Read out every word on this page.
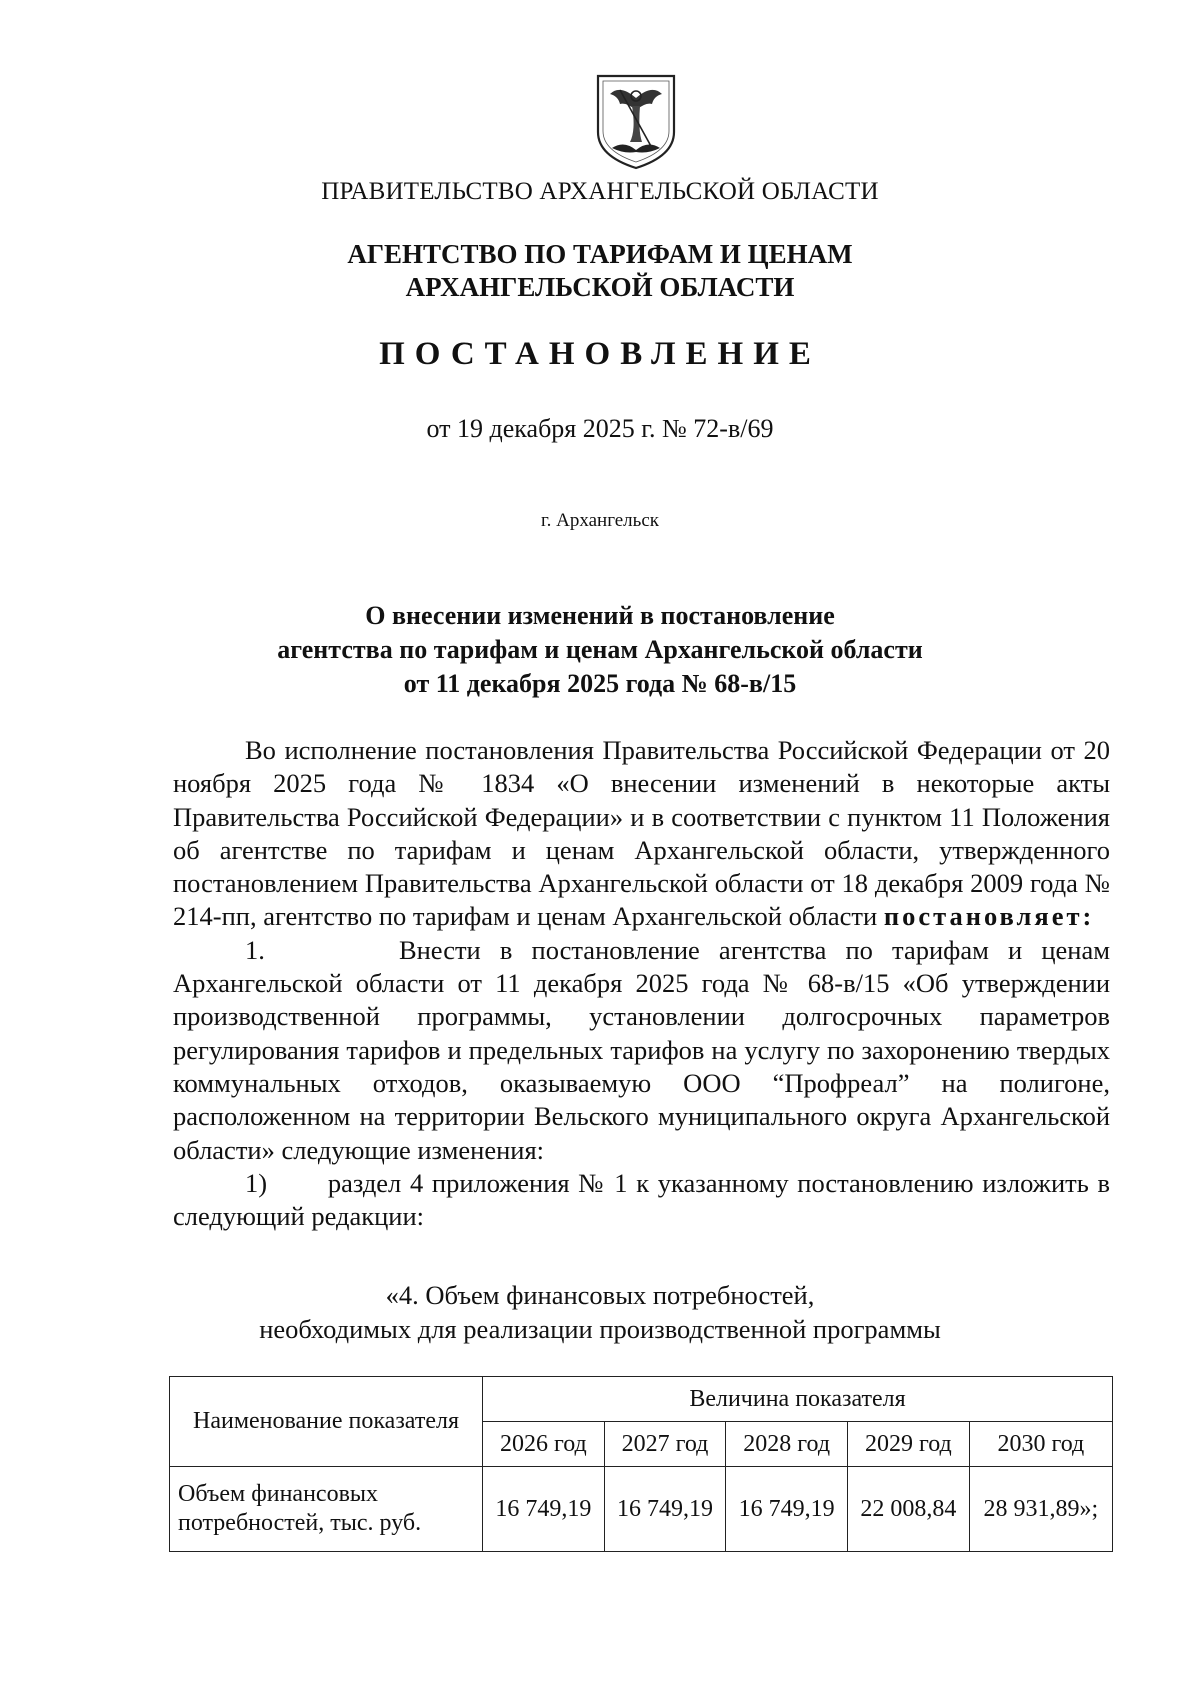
ПРАВИТЕЛЬСТВО АРХАНГЕЛЬСКОЙ ОБЛАСТИ
АГЕНТСТВО ПО ТАРИФАМ И ЦЕНАМ
АРХАНГЕЛЬСКОЙ ОБЛАСТИ
ПОСТАНОВЛЕНИЕ
от 19 декабря 2025 г. № 72-в/69
г. Архангельск
О внесении изменений в постановление
агентства по тарифам и ценам Архангельской области
от 11 декабря 2025 года № 68-в/15

Во исполнение постановления Правительства Российской Федерации от 20 ноября 2025 года № 1834 «О внесении изменений в некоторые акты Правительства Российской Федерации» и в соответствии с пунктом 11 Положения об агентстве по тарифам и ценам Архангельской области, утвержденного постановлением Правительства Архангельской области от 18 декабря 2009 года № 214-пп, агентство по тарифам и ценам Архангельской области постановляет:

1.	Внести в постановление агентства по тарифам и ценам Архангельской области от 11 декабря 2025 года № 68-в/15 «Об утверждении производственной программы, установлении долгосрочных параметров регулирования тарифов и предельных тарифов на услугу по захоронению твердых коммунальных отходов, оказываемую ООО “Профреал” на полигоне, расположенном на территории Вельского муниципального округа Архангельской области» следующие изменения:

1) раздел 4 приложения № 1 к указанному постановлению изложить в следующий редакции:

«4. Объем финансовых потребностей,
необходимых для реализации производственной программы
Наименование показателя	Величина показателя				
	2026 год	2027 год	2028 год	2029 год	2030 год
Объем финансовых потребностей, тыс. руб.	16 749,19	16 749,19	16 749,19	22 008,84	28 931,89»;
